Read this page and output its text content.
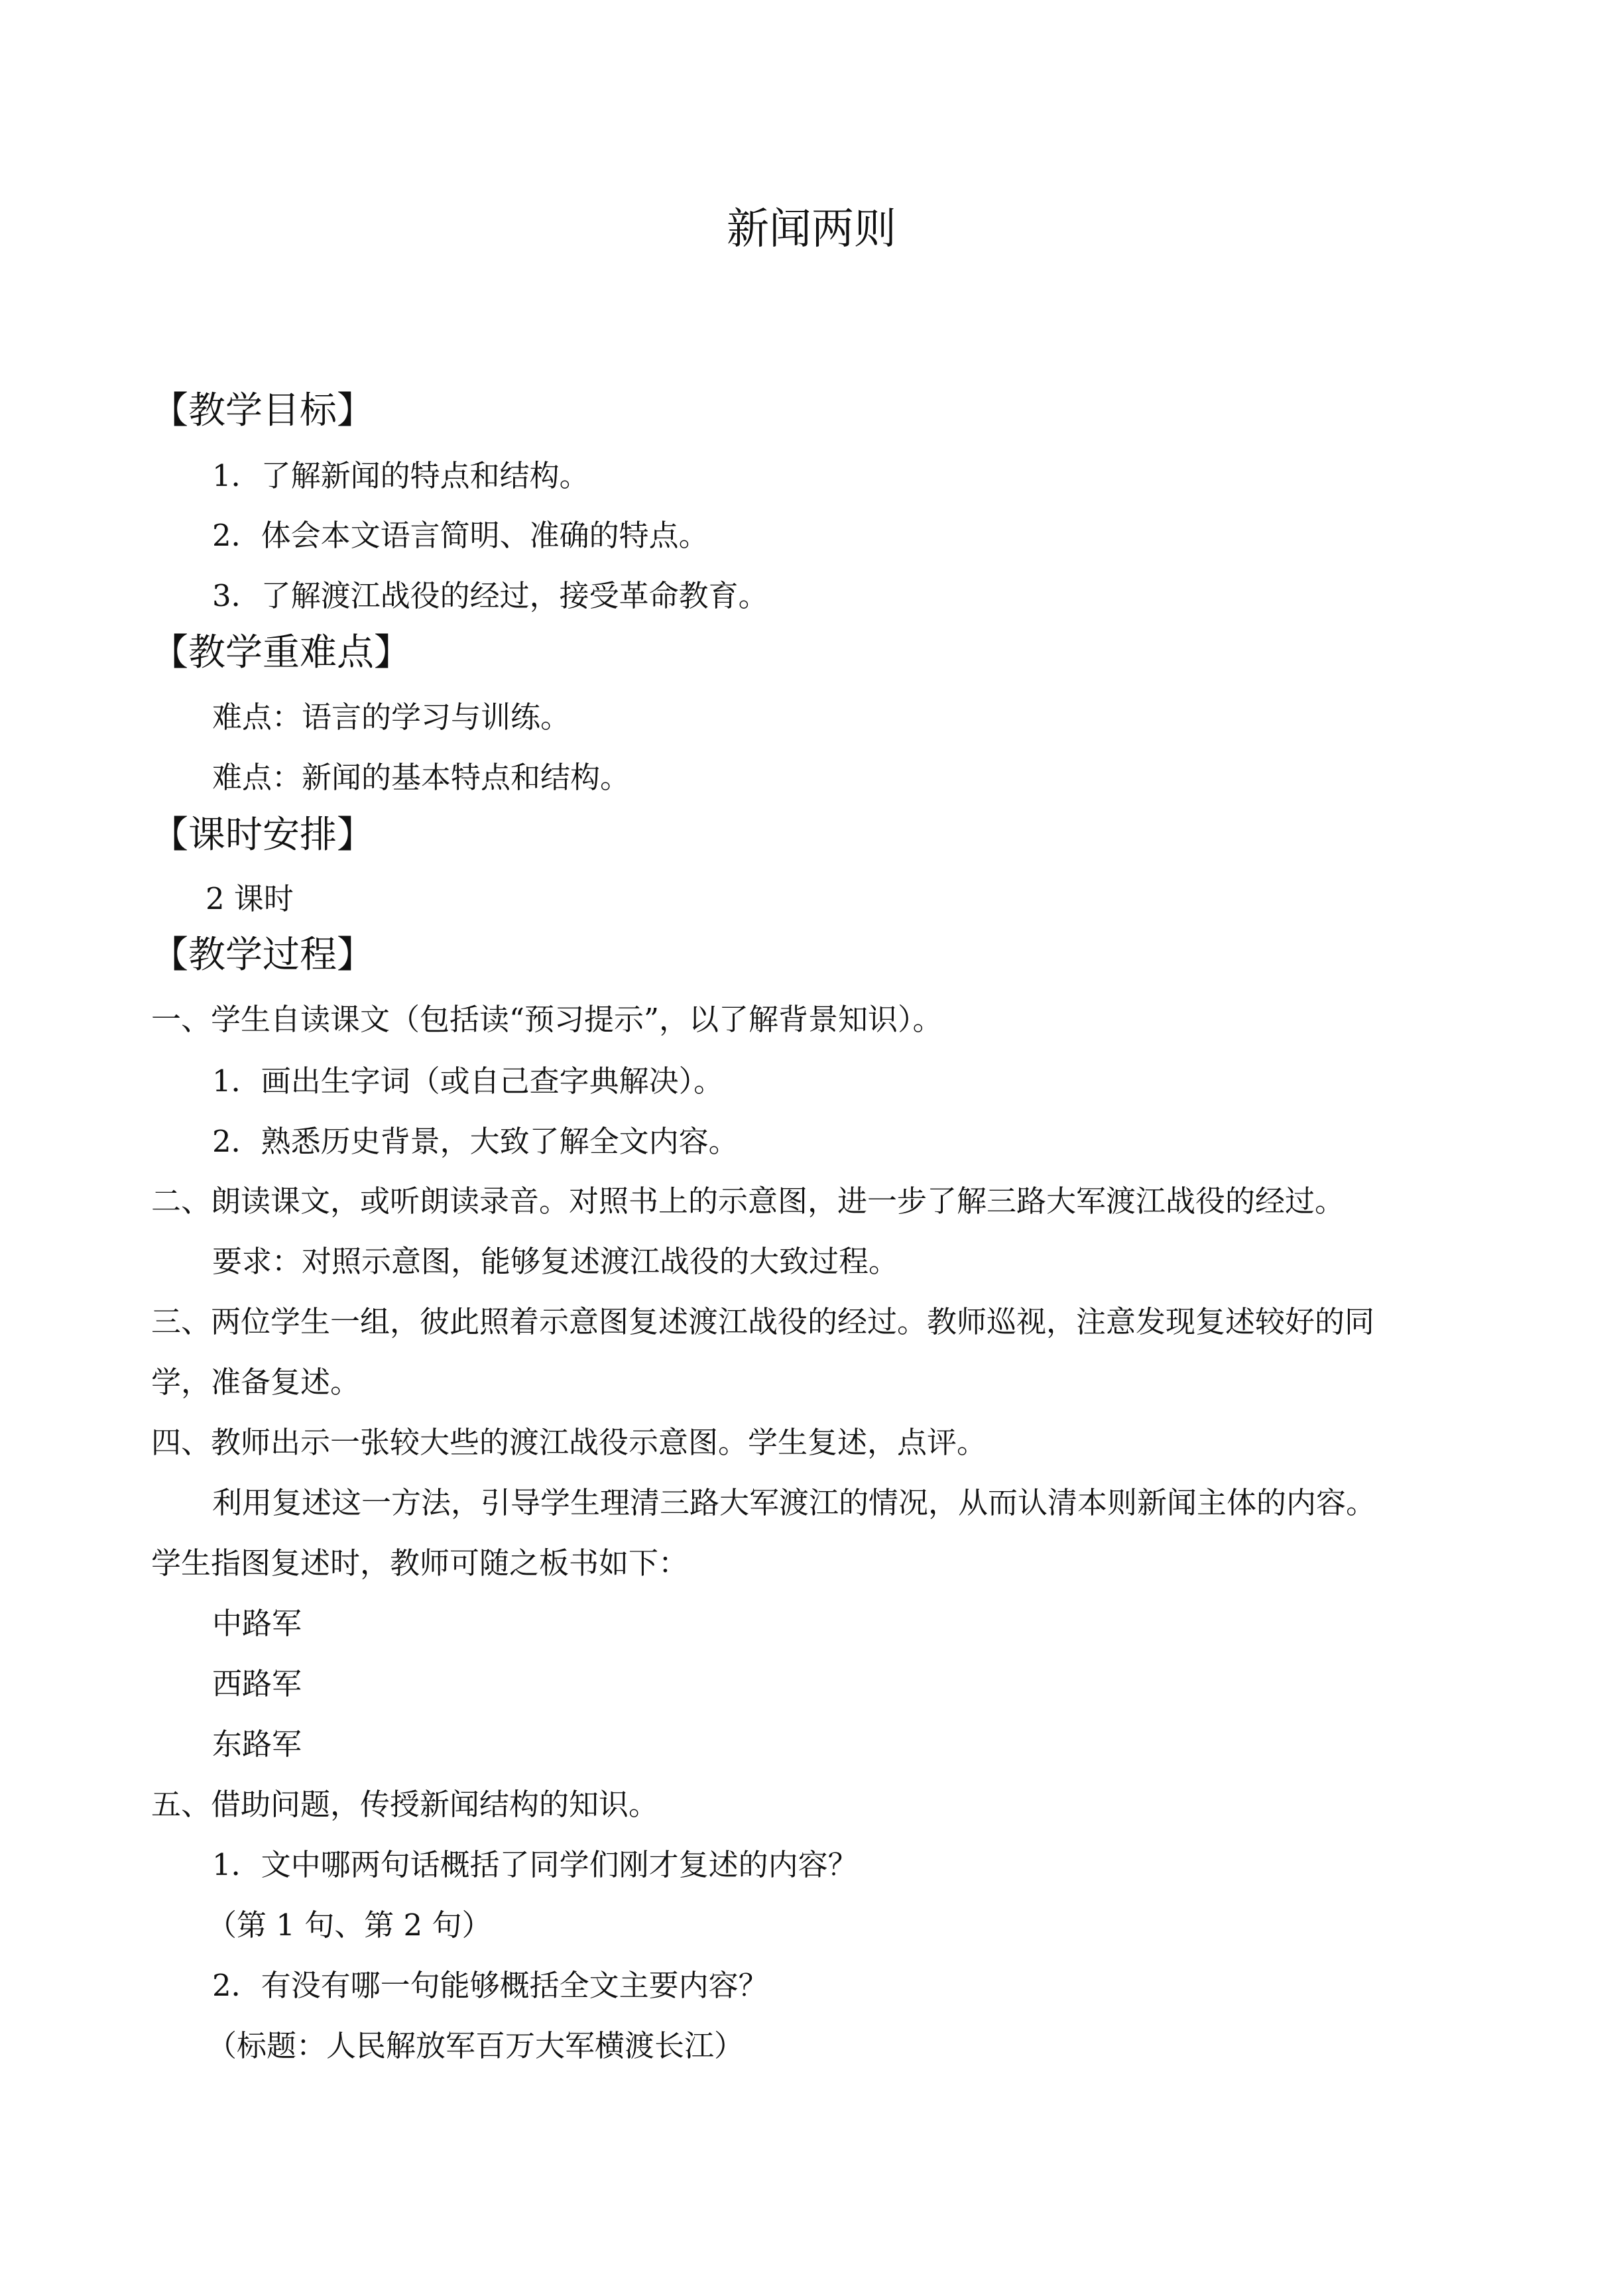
新闻两则
【教学目标】
1．了解新闻的特点和结构。
2．体会本文语言简明、准确的特点。
3．了解渡江战役的经过，接受革命教育。
【教学重难点】
难点：语言的学习与训练。
难点：新闻的基本特点和结构。
【课时安排】
2 课时
【教学过程】
一、学生自读课文（包括读“预习提示”，以了解背景知识）。
1．画出生字词（或自己查字典解决）。
2．熟悉历史背景，大致了解全文内容。
二、朗读课文，或听朗读录音。对照书上的示意图，进一步了解三路大军渡江战役的经过。
要求：对照示意图，能够复述渡江战役的大致过程。
三、两位学生一组，彼此照着示意图复述渡江战役的经过。教师巡视，注意发现复述较好的同
学，准备复述。
四、教师出示一张较大些的渡江战役示意图。学生复述，点评。
利用复述这一方法，引导学生理清三路大军渡江的情况，从而认清本则新闻主体的内容。
学生指图复述时，教师可随之板书如下：
中路军
西路军
东路军
五、借助问题，传授新闻结构的知识。
1．文中哪两句话概括了同学们刚才复述的内容？
（第 1 句、第 2 句）
2．有没有哪一句能够概括全文主要内容？
（标题：人民解放军百万大军横渡长江）
